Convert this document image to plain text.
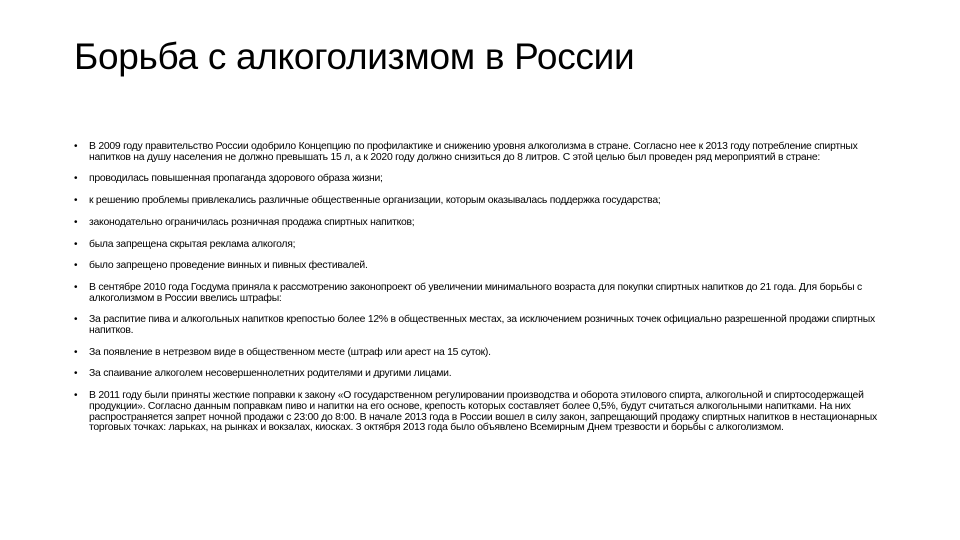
Борьба с алкоголизмом в России
• В 2009 году правительство России одобрило Концепцию по профилактике и снижению уровня алкоголизма в стране. Согласно нее к 2013 году потребление спиртных напитков на душу населения не должно превышать 15 л, а к 2020 году должно снизиться до 8 литров. С этой целью был проведен ряд мероприятий в стране:
• проводилась повышенная пропаганда здорового образа жизни;
• к решению проблемы привлекались различные общественные организации, которым оказывалась поддержка государства;
• законодательно ограничилась розничная продажа спиртных напитков;
• была запрещена скрытая реклама алкоголя;
• было запрещено проведение винных и пивных фестивалей.
• В сентябре 2010 года Госдума приняла к рассмотрению законопроект об увеличении минимального возраста для покупки спиртных напитков до 21 года. Для борьбы с алкоголизмом в России ввелись штрафы:
• За распитие пива и алкогольных напитков крепостью более 12% в общественных местах, за исключением розничных точек официально разрешенной продажи спиртных напитков.
• За появление в нетрезвом виде в общественном месте (штраф или арест на 15 суток).
• За спаивание алкоголем несовершеннолетних родителями и другими лицами.
• В 2011 году были приняты жесткие поправки к закону «О государственном регулировании производства и оборота этилового спирта, алкогольной и спиртосодержащей продукции». Согласно данным поправкам пиво и напитки на его основе, крепость которых составляет более 0,5%, будут считаться алкогольными напитками. На них распространяется запрет ночной продажи с 23:00 до 8:00. В начале 2013 года в России вошел в силу закон, запрещающий продажу спиртных напитков в нестационарных торговых точках: ларьках, на рынках и вокзалах, киосках. 3 октября 2013 года было объявлено Всемирным Днем трезвости и борьбы с алкоголизмом.
